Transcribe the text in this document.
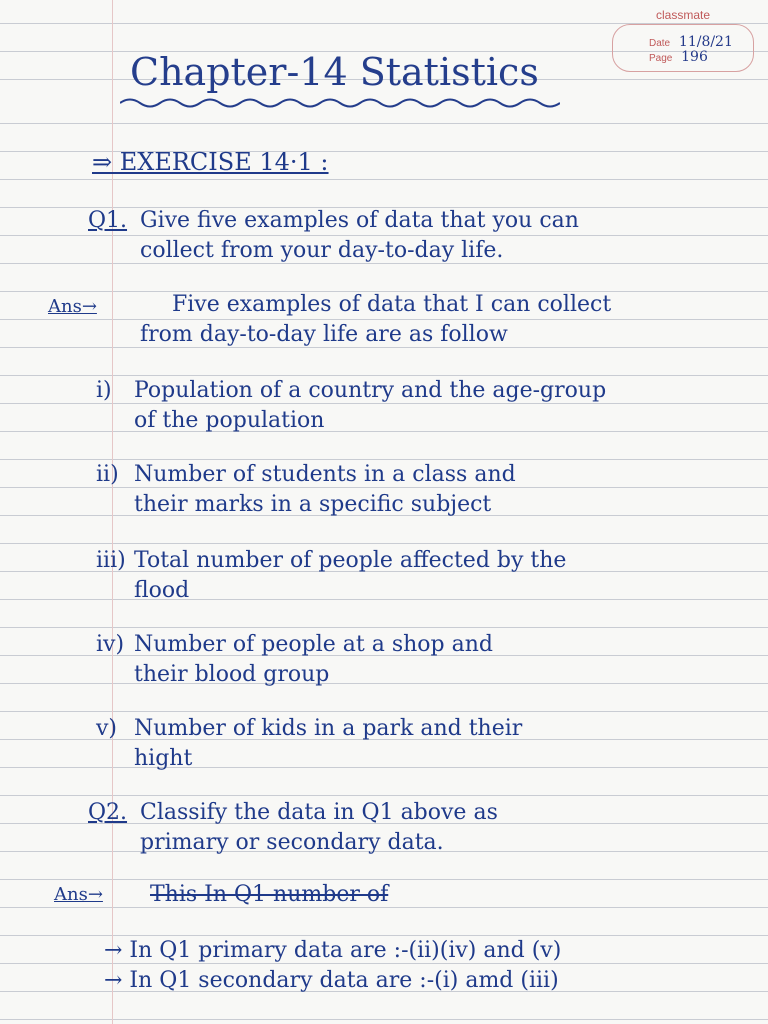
classmate
Date 11/8/21
Page 196
Chapter-14 Statistics
⇒ EXERCISE 14·1 :
Q1. Give five examples of data that you can
collect from your day-to-day life.
Ans→	Five examples of data that I can collect
from day-to-day life are as follow
i) Population of a country and the age-group
of the population
ii) Number of students in a class and
their marks in a specific subject
iii) Total number of people affected by the
flood
iv) Number of people at a shop and
their blood group
v) Number of kids in a park and their
hight
Q2. Classify the data in Q1 above as
primary or secondary data.
Ans→ This In Q1 number of
→ In Q1 primary data are :-(ii)(iv) and (v)
→ In Q1 secondary data are :-(i) amd (iii)
